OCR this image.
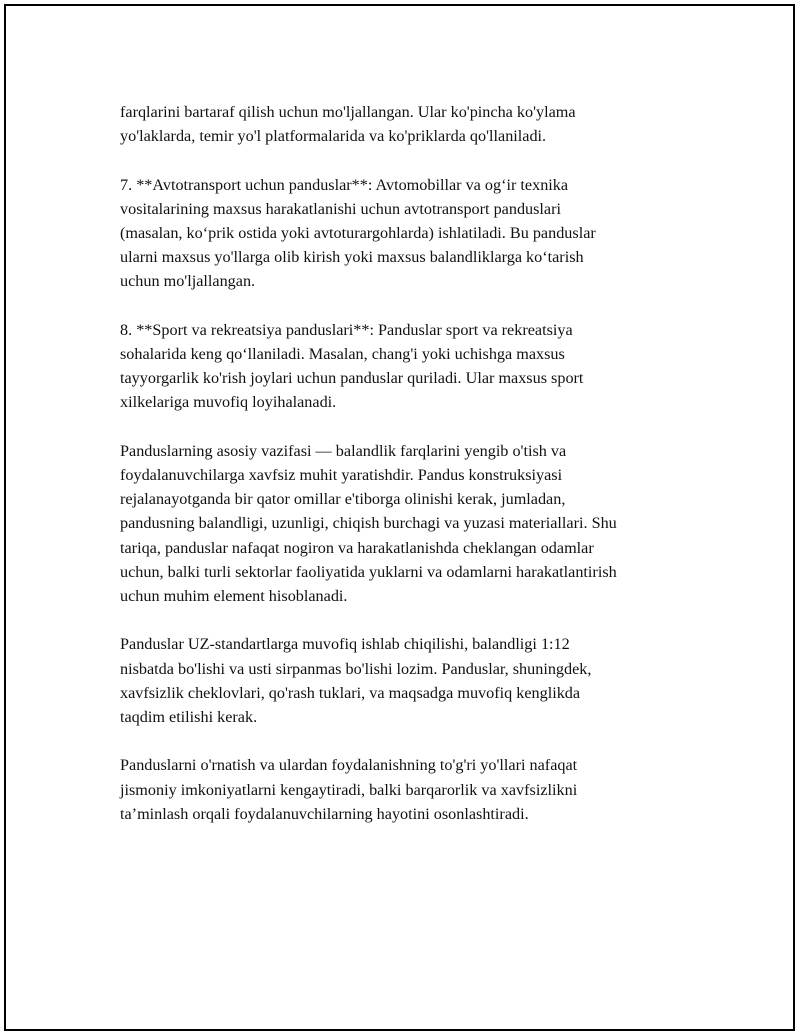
farqlarini bartaraf qilish uchun mo'ljallangan. Ular ko'pincha ko'ylama
yo'laklarda, temir yo'l platformalarida va ko'priklarda qo'llaniladi.

7. **Avtotransport uchun panduslar**: Avtomobillar va og‘ir texnika
vositalarining maxsus harakatlanishi uchun avtotransport panduslari
(masalan, ko‘prik ostida yoki avtoturargohlarda) ishlatiladi. Bu panduslar
ularni maxsus yo'llarga olib kirish yoki maxsus balandliklarga ko‘tarish
uchun mo'ljallangan.

8. **Sport va rekreatsiya panduslari**: Panduslar sport va rekreatsiya
sohalarida keng qo‘llaniladi. Masalan, chang'i yoki uchishga maxsus
tayyorgarlik ko'rish joylari uchun panduslar quriladi. Ular maxsus sport
xilkelariga muvofiq loyihalanadi.

Panduslarning asosiy vazifasi — balandlik farqlarini yengib o'tish va
foydalanuvchilarga xavfsiz muhit yaratishdir. Pandus konstruksiyasi
rejalanayotganda bir qator omillar e'tiborga olinishi kerak, jumladan,
pandusning balandligi, uzunligi, chiqish burchagi va yuzasi materiallari. Shu
tariqa, panduslar nafaqat nogiron va harakatlanishda cheklangan odamlar
uchun, balki turli sektorlar faoliyatida yuklarni va odamlarni harakatlantirish
uchun muhim element hisoblanadi.

Panduslar UZ-standartlarga muvofiq ishlab chiqilishi, balandligi 1:12
nisbatda bo'lishi va usti sirpanmas bo'lishi lozim. Panduslar, shuningdek,
xavfsizlik cheklovlari, qo'rash tuklari, va maqsadga muvofiq kenglikda
taqdim etilishi kerak.

Panduslarni o'rnatish va ulardan foydalanishning to'g'ri yo'llari nafaqat
jismoniy imkoniyatlarni kengaytiradi, balki barqarorlik va xavfsizlikni
ta’minlash orqali foydalanuvchilarning hayotini osonlashtiradi.
